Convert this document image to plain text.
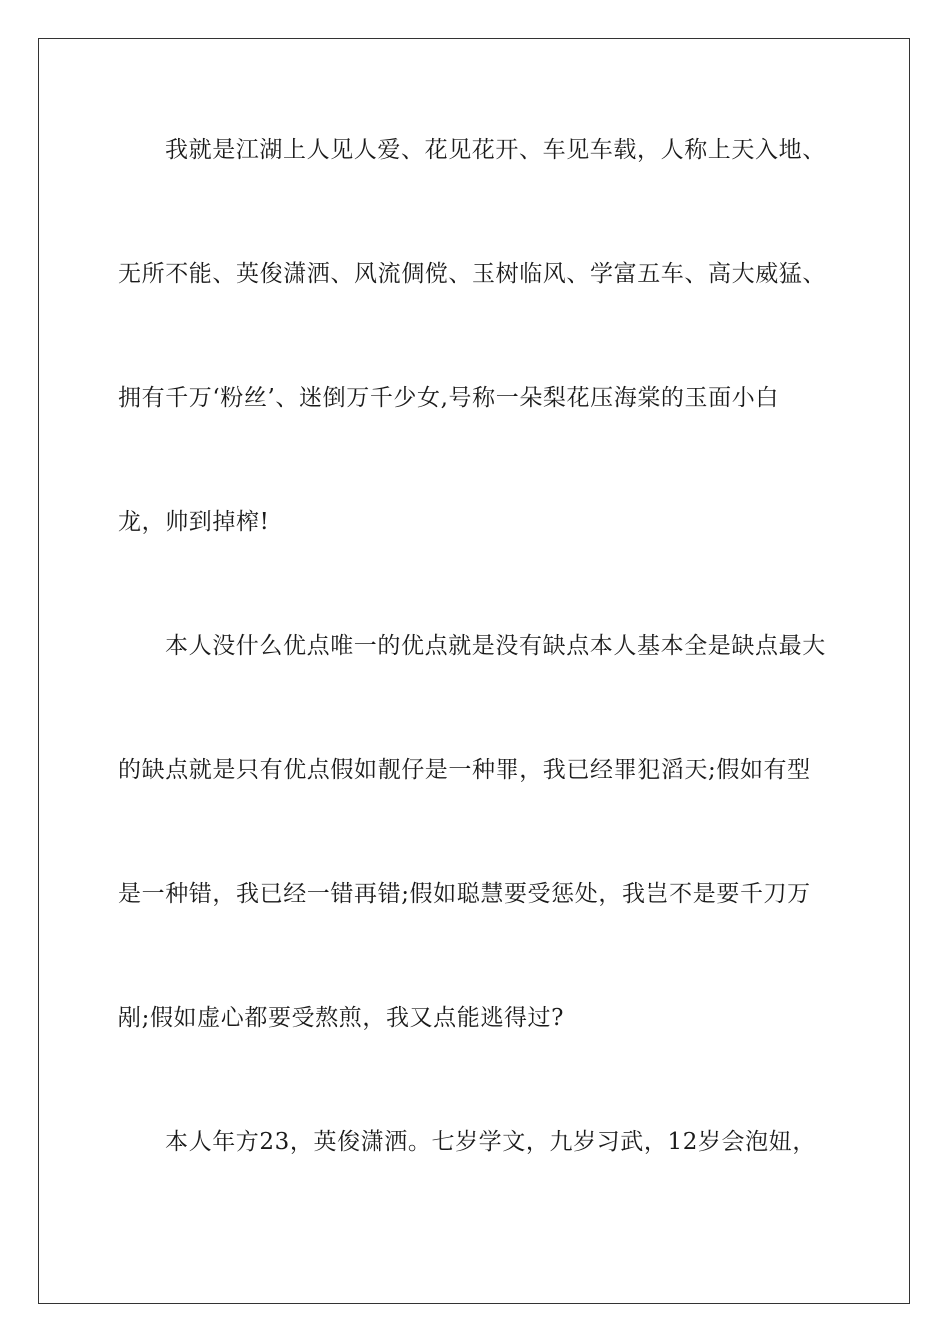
我就是江湖上人见人爱、花见花开、车见车载，人称上天入地、
无所不能、英俊潇洒、风流倜傥、玉树临风、学富五车、高大威猛、
拥有千万‘粉丝’、迷倒万千少女,号称一朵梨花压海棠的玉面小白
龙，帅到掉榨!
本人没什么优点唯一的优点就是没有缺点本人基本全是缺点最大
的缺点就是只有优点假如靓仔是一种罪，我已经罪犯滔天;假如有型
是一种错，我已经一错再错;假如聪慧要受惩处，我岂不是要千刀万
剐;假如虚心都要受熬煎，我又点能逃得过?
本人年方23，英俊潇洒。七岁学文，九岁习武，12岁会泡妞，
